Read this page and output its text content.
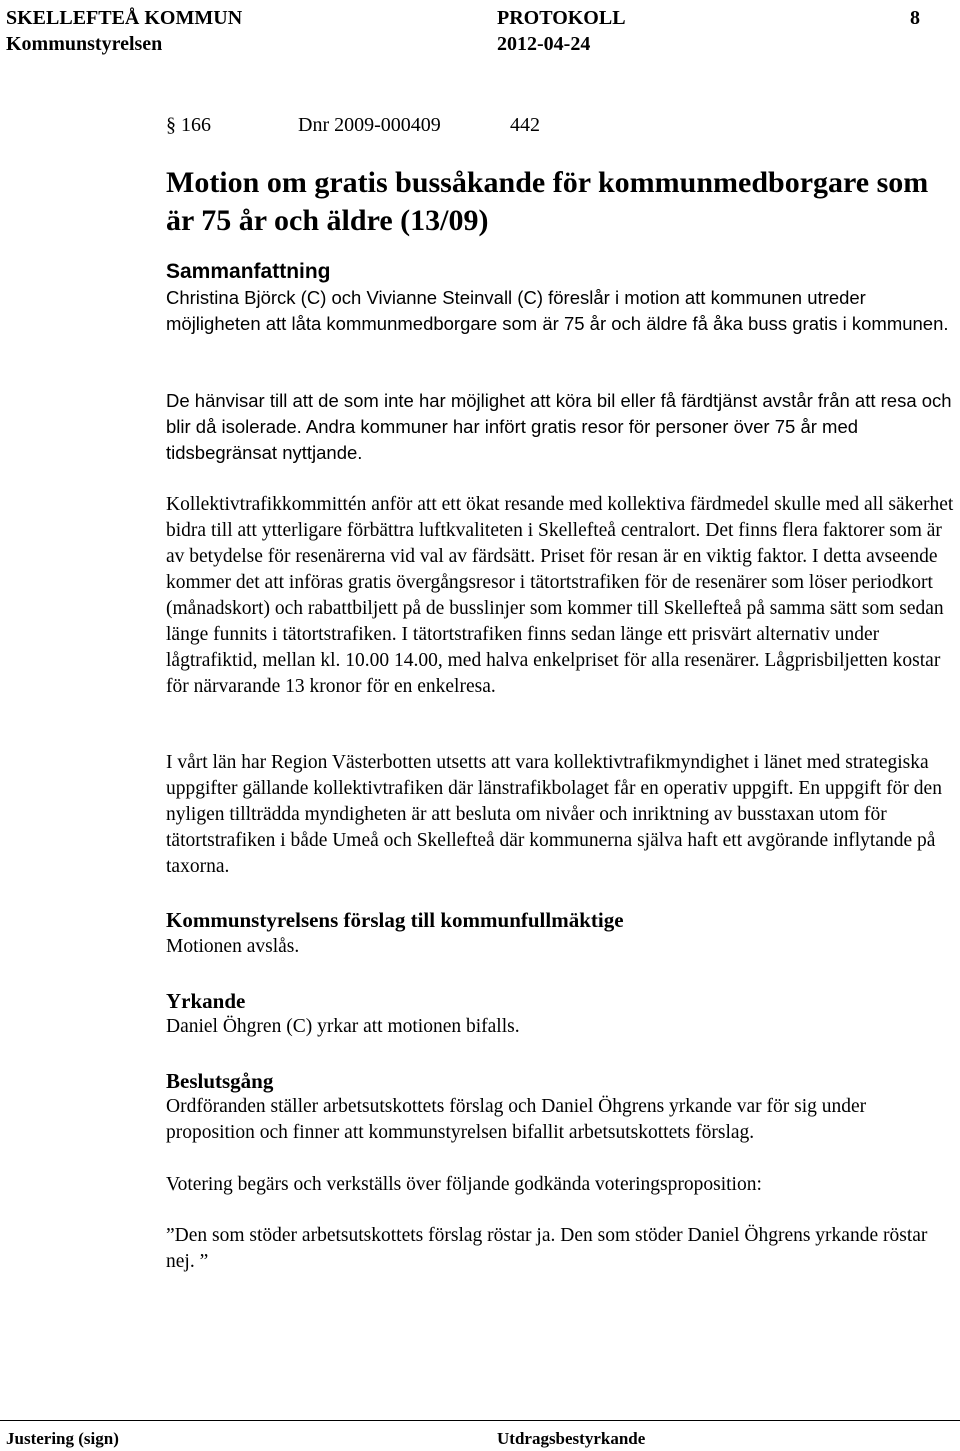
SKELLEFTEÅ KOMMUN
Kommunstyrelsen
PROTOKOLL
2012-04-24
8
§ 166	Dnr 2009-000409	442
Motion om gratis bussåkande för kommunmedborgare som är 75 år och äldre (13/09)
Sammanfattning

Christina Björck (C) och Vivianne Steinvall (C) föreslår i motion att kommunen utreder möjligheten att låta kommunmedborgare som är 75 år och äldre få åka buss gratis i kommunen.

De hänvisar till att de som inte har möjlighet att köra bil eller få färdtjänst avstår från att resa och blir då isolerade. Andra kommuner har infört gratis resor för personer över 75 år med tidsbegränsat nyttjande.

Kollektivtrafikkommittén anför att ett ökat resande med kollektiva färdmedel skulle med all säkerhet bidra till att ytterligare förbättra luftkvaliteten i Skellefteå centralort. Det finns flera faktorer som är av betydelse för resenärerna vid val av färdsätt. Priset för resan är en viktig faktor. I detta avseende kommer det att införas gratis övergångsresor i tätortstrafiken för de resenärer som löser periodkort (månadskort) och rabattbiljett på de busslinjer som kommer till Skellefteå på samma sätt som sedan länge funnits i tätortstrafiken. I tätortstrafiken finns sedan länge ett prisvärt alternativ under lågtrafiktid, mellan kl. 10.00 14.00, med halva enkelpriset för alla resenärer. Lågprisbiljetten kostar för närvarande 13 kronor för en enkelresa.

I vårt län har Region Västerbotten utsetts att vara kollektivtrafikmyndighet i länet med strategiska uppgifter gällande kollektivtrafiken där länstrafikbolaget får en operativ uppgift. En uppgift för den nyligen tillträdda myndigheten är att besluta om nivåer och inriktning av busstaxan utom för tätortstrafiken i både Umeå och Skellefteå där kommunerna själva haft ett avgörande inflytande på taxorna.

Kommunstyrelsens förslag till kommunfullmäktige

Motionen avslås.

Yrkande

Daniel Öhgren (C) yrkar att motionen bifalls.

Beslutsgång

Ordföranden ställer arbetsutskottets förslag och Daniel Öhgrens yrkande var för sig under proposition och finner att kommunstyrelsen bifallit arbetsutskottets förslag.

Votering begärs och verkställs över följande godkända voteringsproposition:

”Den som stöder arbetsutskottets förslag röstar ja. Den som stöder Daniel Öhgrens yrkande röstar nej. ”

Justering (sign)	Utdragsbestyrkande
